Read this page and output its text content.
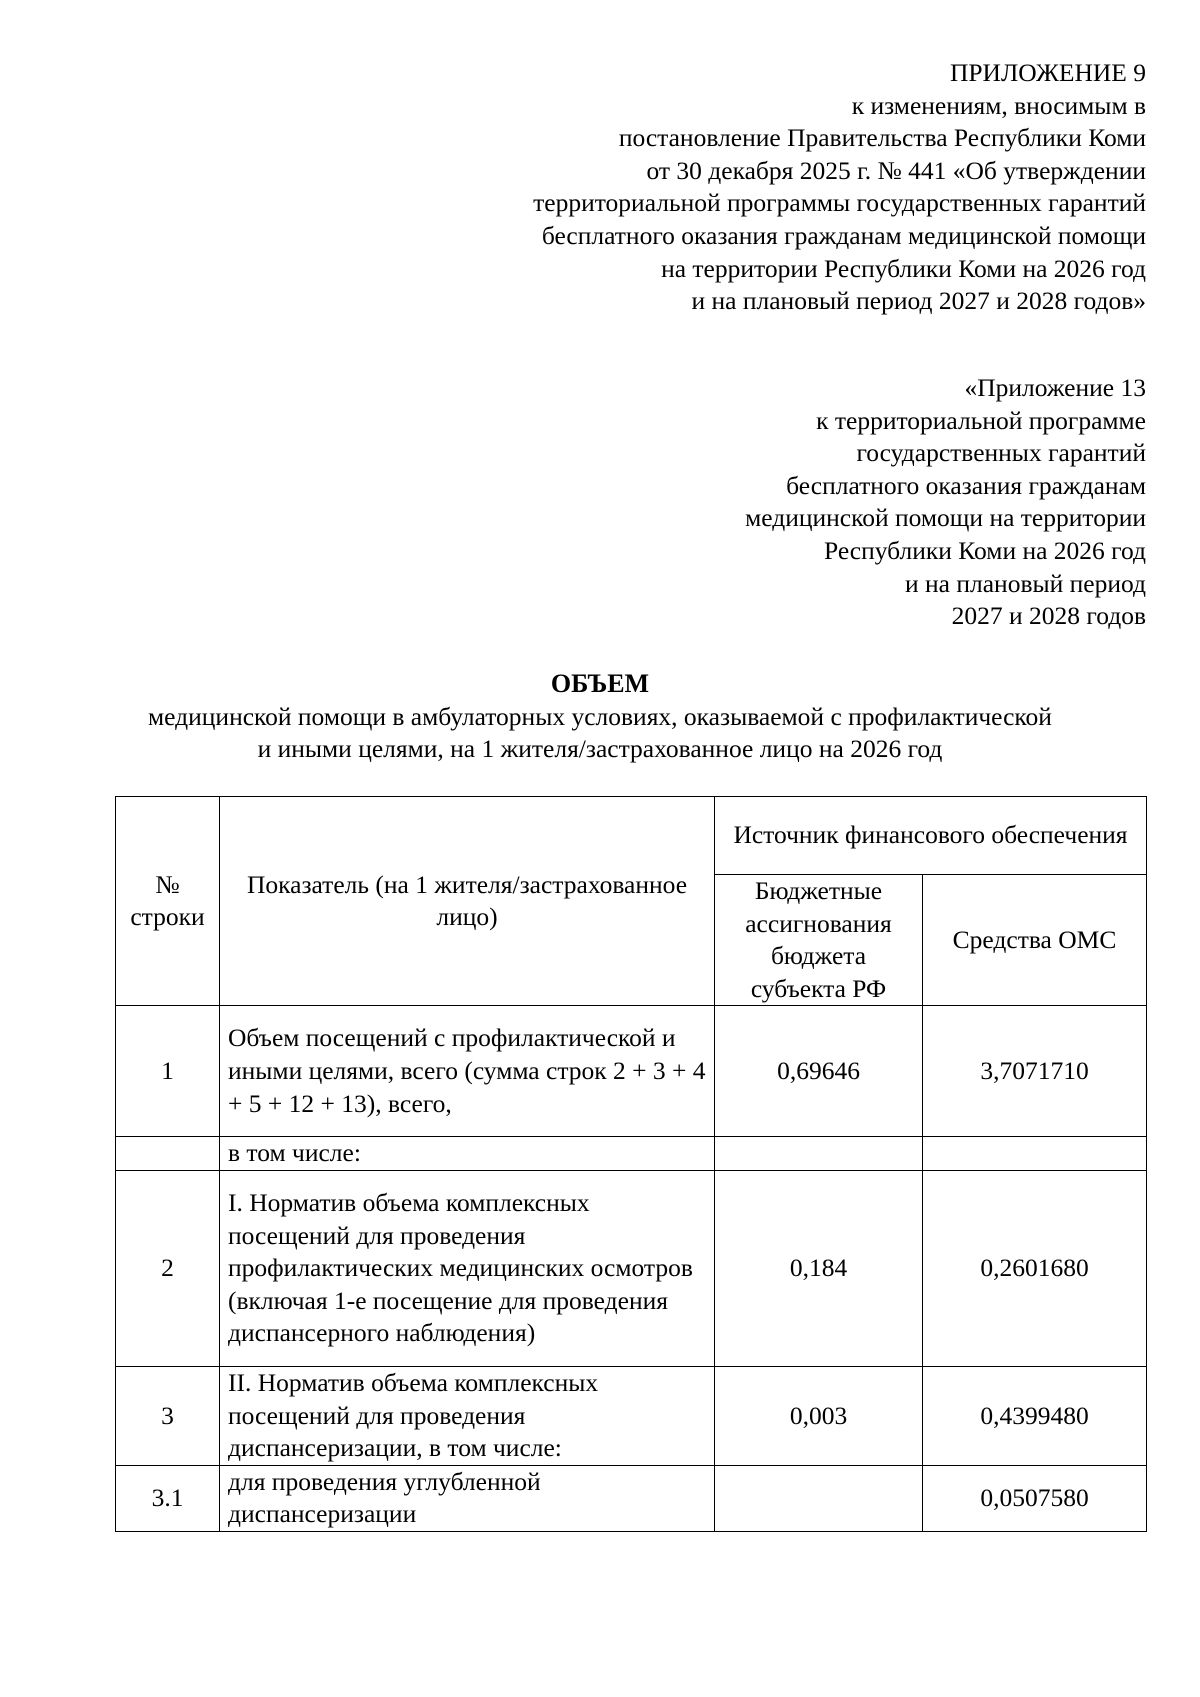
ПРИЛОЖЕНИЕ 9
к изменениям, вносимым в
постановление Правительства Республики Коми
от 30 декабря 2025 г. № 441 «Об утверждении
территориальной программы государственных гарантий
бесплатного оказания гражданам медицинской помощи
на территории Республики Коми на 2026 год
и на плановый период 2027 и 2028 годов»
«Приложение 13
к территориальной программе
государственных гарантий
бесплатного оказания гражданам
медицинской помощи на территории
Республики Коми на 2026 год
и на плановый период
2027 и 2028 годов
ОБЪЕМ
медицинской помощи в амбулаторных условиях, оказываемой с профилактической
и иными целями, на 1 жителя/застрахованное лицо на 2026 год
№ строки	Показатель (на 1 жителя/застрахованное лицо)	Источник финансового обеспечения	
		Бюджетные ассигнования бюджета субъекта РФ	Средства ОМС
1	Объем посещений с профилактической и иными целями, всего (сумма строк 2 + 3 + 4 + 5 + 12 + 13), всего,	0,69646	3,7071710
	в том числе:		
2	I. Норматив объема комплексных посещений для проведения профилактических медицинских осмотров (включая 1-е посещение для проведения диспансерного наблюдения)	0,184	0,2601680
3	II. Норматив объема комплексных посещений для проведения диспансеризации, в том числе:	0,003	0,4399480
3.1	для проведения углубленной диспансеризации		0,0507580
